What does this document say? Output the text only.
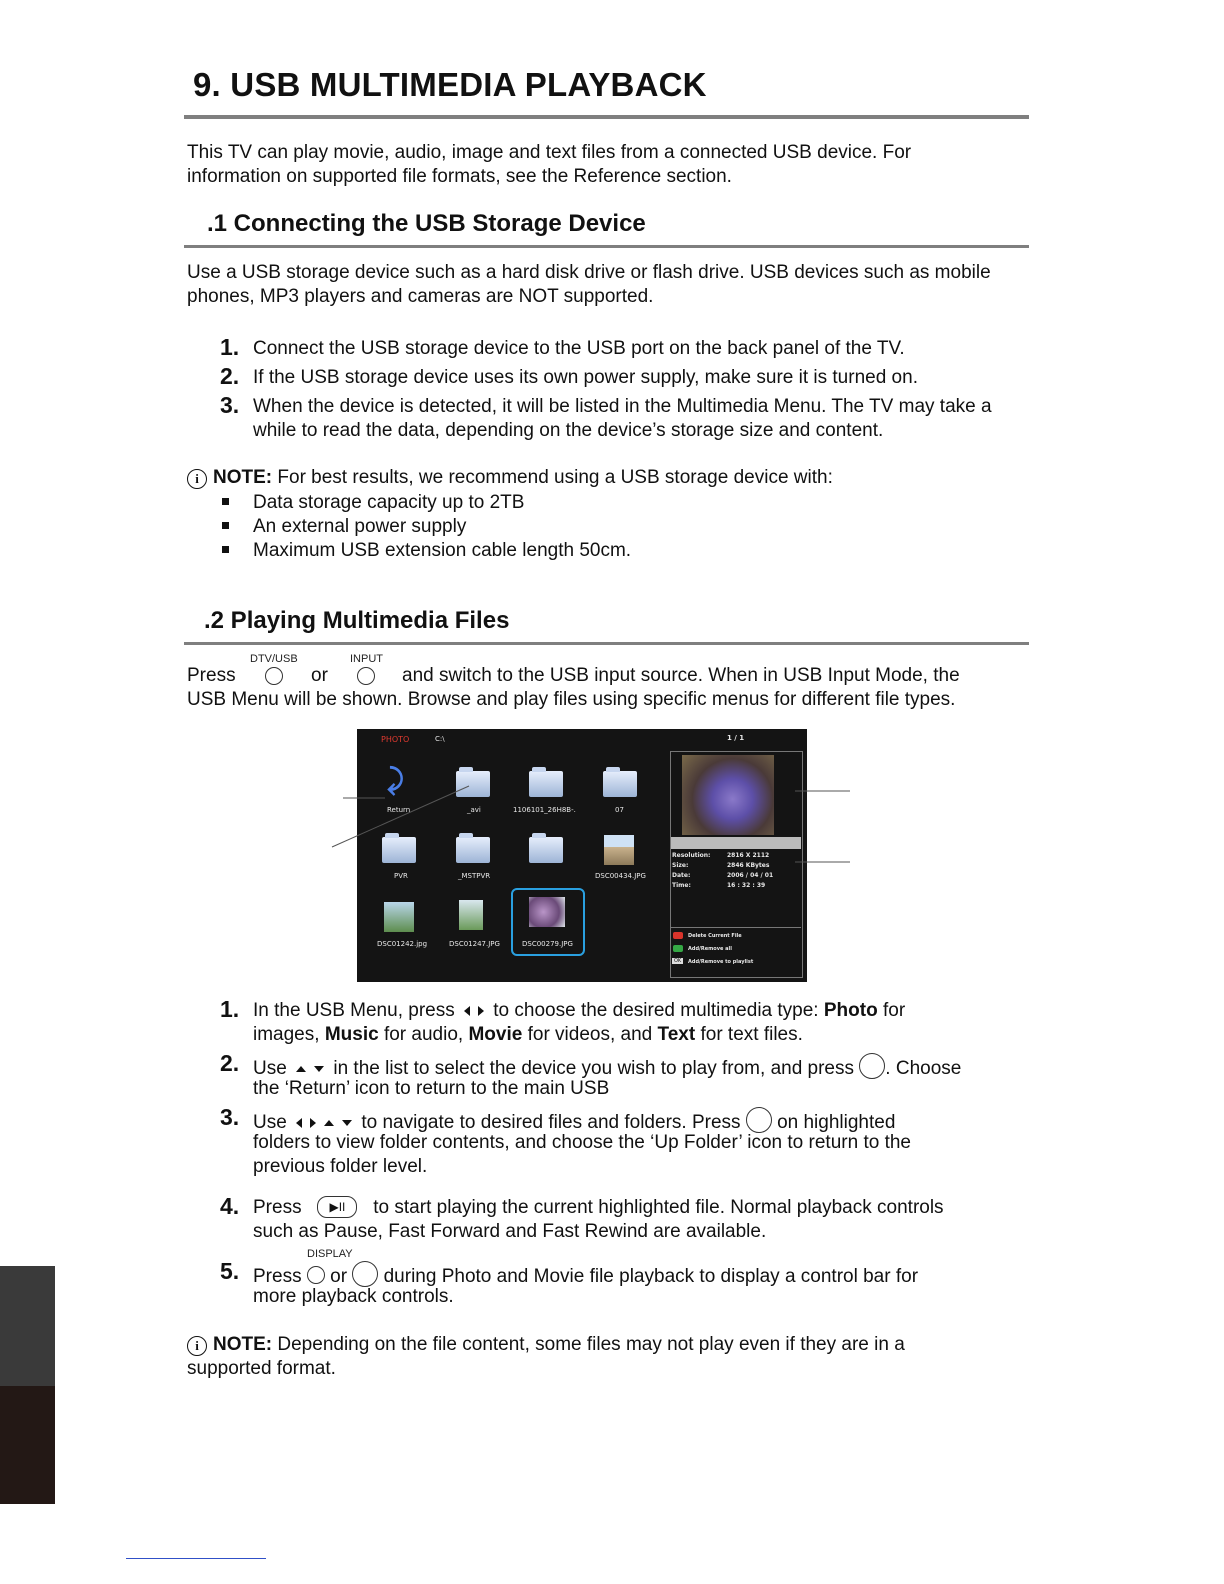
9. USB MULTIMEDIA PLAYBACK

This TV can play movie, audio, image and text files from a connected USB device. For information on supported file formats, see the Reference section.

.1 Connecting the USB Storage Device

Use a USB storage device such as a hard disk drive or flash drive. USB devices such as mobile phones, MP3 players and cameras are NOT supported.

1. Connect the USB storage device to the USB port on the back panel of the TV.

2. If the USB storage device uses its own power supply, make sure it is turned on.

3. When the device is detected, it will be listed in the Multimedia Menu. The TV may take a while to read the data, depending on the device’s storage size and content.

i NOTE: For best results, we recommend using a USB storage device with:

Data storage capacity up to 2TB

An external power supply

Maximum USB extension cable length 50cm.

.2 Playing Multimedia Files
DTV/USB	INPUT
Press	or	and switch to the USB input source. When in USB Input Mode, the

USB Menu will be shown. Browse and play files using specific menus for different file types.

PHOTO	C:\	1 / 1
⤸
Return	_avi	1106101_26H8B-.	07
PVR	_MSTPVR	DSC00434.JPG
DSC01242.jpg	DSC01247.JPG	DSC00279.JPG
Resolution:	2816 X 2112
Size:	2846 KBytes
Date:	2006 / 04 / 01
Time:	16 : 32 : 39
Delete Current File
Add/Remove all
OK	Add/Remove to playlist
1. In the USB Menu, press to choose the desired multimedia type: Photo for

images, Music for audio, Movie for videos, and Text for text files.

2. Use in the list to select the device you wish to play from, and press . Choose

the ‘Return’ icon to return to the main USB

3. Use	to navigate to desired files and folders. Press on highlighted

folders to view folder contents, and choose the ‘Up Folder’ icon to return to the

previous folder level.

4. Press ▶II to start playing the current highlighted file. Normal playback controls

such as Pause, Fast Forward and Fast Rewind are available.

DISPLAY
5. Press or during Photo and Movie file playback to display a control bar for

more playback controls.

i NOTE: Depending on the file content, some files may not play even if they are in a

supported format.
